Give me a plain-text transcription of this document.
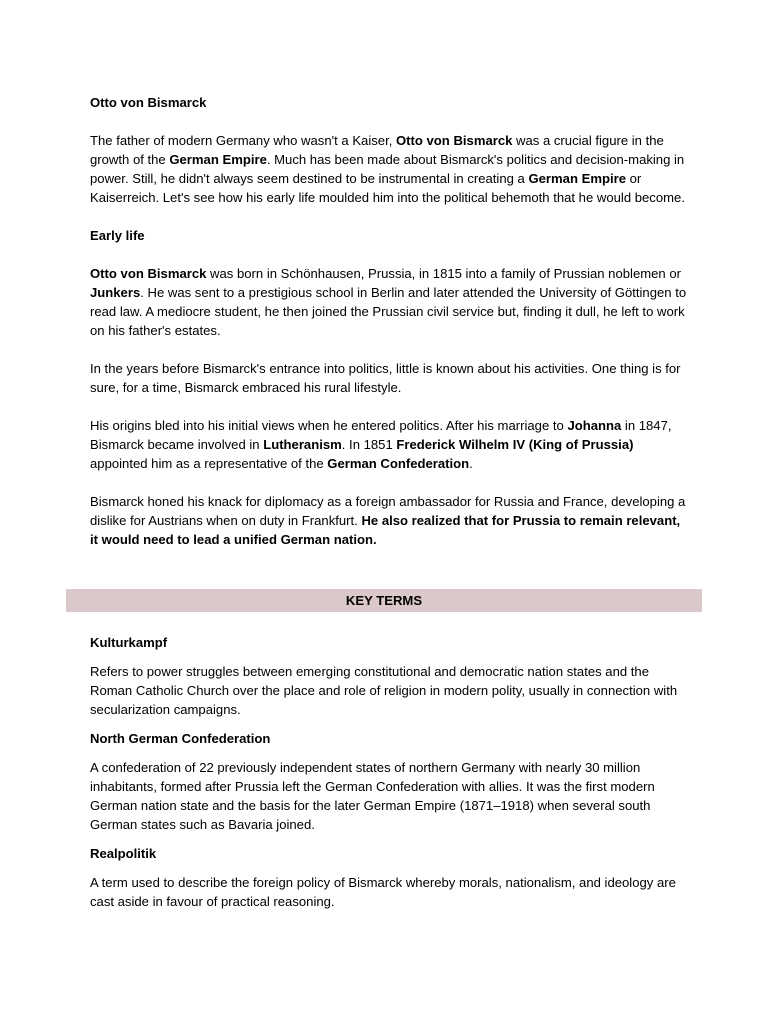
Otto von Bismarck

The father of modern Germany who wasn't a Kaiser, Otto von Bismarck was a crucial figure in the growth of the German Empire. Much has been made about Bismarck's politics and decision-making in power. Still, he didn't always seem destined to be instrumental in creating a German Empire or Kaiserreich. Let's see how his early life moulded him into the political behemoth that he would become.

Early life

Otto von Bismarck was born in Schönhausen, Prussia, in 1815 into a family of Prussian noblemen or Junkers. He was sent to a prestigious school in Berlin and later attended the University of Göttingen to read law. A mediocre student, he then joined the Prussian civil service but, finding it dull, he left to work on his father's estates.

In the years before Bismarck's entrance into politics, little is known about his activities. One thing is for sure, for a time, Bismarck embraced his rural lifestyle.

His origins bled into his initial views when he entered politics. After his marriage to Johanna in 1847, Bismarck became involved in Lutheranism. In 1851 Frederick Wilhelm IV (King of Prussia) appointed him as a representative of the German Confederation.

Bismarck honed his knack for diplomacy as a foreign ambassador for Russia and France, developing a dislike for Austrians when on duty in Frankfurt. He also realized that for Prussia to remain relevant, it would need to lead a unified German nation.

KEY TERMS

Kulturkampf

Refers to power struggles between emerging constitutional and democratic nation states and the Roman Catholic Church over the place and role of religion in modern polity, usually in connection with secularization campaigns.

North German Confederation

A confederation of 22 previously independent states of northern Germany with nearly 30 million inhabitants, formed after Prussia left the German Confederation with allies. It was the first modern German nation state and the basis for the later German Empire (1871–1918) when several south German states such as Bavaria joined.

Realpolitik

A term used to describe the foreign policy of Bismarck whereby morals, nationalism, and ideology are cast aside in favour of practical reasoning.
